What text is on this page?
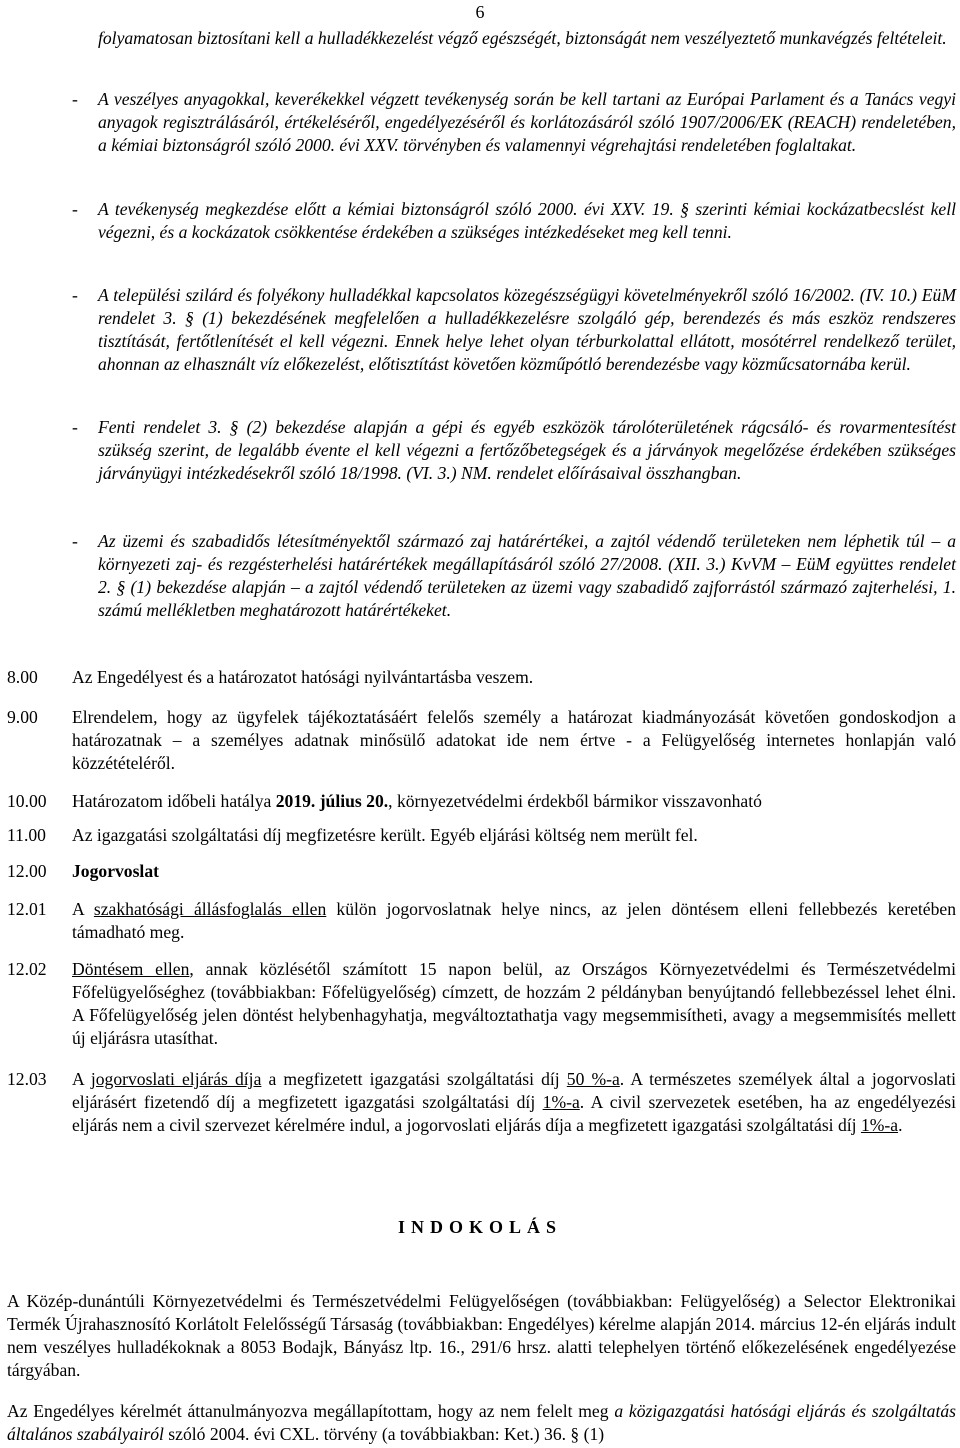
6

folyamatosan biztosítani kell a hulladékkezelést végző egészségét, biztonságát nem veszélyeztető munkavégzés feltételeit.

- A veszélyes anyagokkal, keverékekkel végzett tevékenység során be kell tartani az Európai Parlament és a Tanács vegyi anyagok regisztrálásáról, értékeléséről, engedélyezéséről és korlátozásáról szóló 1907/2006/EK (REACH) rendeletében, a kémiai biztonságról szóló 2000. évi XXV. törvényben és valamennyi végrehajtási rendeletében foglaltakat.

- A tevékenység megkezdése előtt a kémiai biztonságról szóló 2000. évi XXV. 19. § szerinti kémiai kockázatbecslést kell végezni, és a kockázatok csökkentése érdekében a szükséges intézkedéseket meg kell tenni.

- A települési szilárd és folyékony hulladékkal kapcsolatos közegészségügyi követelményekről szóló 16/2002. (IV. 10.) EüM rendelet 3. § (1) bekezdésének megfelelően a hulladékkezelésre szolgáló gép, berendezés és más eszköz rendszeres tisztítását, fertőtlenítését el kell végezni. Ennek helye lehet olyan térburkolattal ellátott, mosótérrel rendelkező terület, ahonnan az elhasznált víz előkezelést, előtisztítást követően közműpótló berendezésbe vagy közműcsatornába kerül.

- Fenti rendelet 3. § (2) bekezdése alapján a gépi és egyéb eszközök tárolóterületének rágcsáló- és rovarmentesítést szükség szerint, de legalább évente el kell végezni a fertőzőbetegségek és a járványok megelőzése érdekében szükséges járványügyi intézkedésekről szóló 18/1998. (VI. 3.) NM. rendelet előírásaival összhangban.

- Az üzemi és szabadidős létesítményektől származó zaj határértékei, a zajtól védendő területeken nem léphetik túl – a környezeti zaj- és rezgésterhelési határértékek megállapításáról szóló 27/2008. (XII. 3.) KvVM – EüM együttes rendelet 2. § (1) bekezdése alapján – a zajtól védendő területeken az üzemi vagy szabadidő zajforrástól származó zajterhelési, 1. számú mellékletben meghatározott határértékeket.

8.00 Az Engedélyest és a határozatot hatósági nyilvántartásba veszem.

9.00 Elrendelem, hogy az ügyfelek tájékoztatásáért felelős személy a határozat kiadmányozását követően gondoskodjon a határozatnak – a személyes adatnak minősülő adatokat ide nem értve - a Felügyelőség internetes honlapján való közzétételéről.

10.00 Határozatom időbeli hatálya 2019. július 20., környezetvédelmi érdekből bármikor visszavonható

11.00 Az igazgatási szolgáltatási díj megfizetésre került. Egyéb eljárási költség nem merült fel.

12.00 Jogorvoslat

12.01 A szakhatósági állásfoglalás ellen külön jogorvoslatnak helye nincs, az jelen döntésem elleni fellebbezés keretében támadható meg.

12.02 Döntésem ellen, annak közlésétől számított 15 napon belül, az Országos Környezetvédelmi és Természetvédelmi Főfelügyelőséghez (továbbiakban: Főfelügyelőség) címzett, de hozzám 2 példányban benyújtandó fellebbezéssel lehet élni. A Főfelügyelőség jelen döntést helybenhagyhatja, megváltoztathatja vagy megsemmisítheti, avagy a megsemmisítés mellett új eljárásra utasíthat.

12.03 A jogorvoslati eljárás díja a megfizetett igazgatási szolgáltatási díj 50 %-a. A természetes személyek által a jogorvoslati eljárásért fizetendő díj a megfizetett igazgatási szolgáltatási díj 1%-a. A civil szervezetek esetében, ha az engedélyezési eljárás nem a civil szervezet kérelmére indul, a jogorvoslati eljárás díja a megfizetett igazgatási szolgáltatási díj 1%-a.

INDOKOLÁS

A Közép-dunántúli Környezetvédelmi és Természetvédelmi Felügyelőségen (továbbiakban: Felügyelőség) a Selector Elektronikai Termék Újrahasznosító Korlátolt Felelősségű Társaság (továbbiakban: Engedélyes) kérelme alapján 2014. március 12-én eljárás indult nem veszélyes hulladékoknak a 8053 Bodajk, Bányász ltp. 16., 291/6 hrsz. alatti telephelyen történő előkezelésének engedélyezése tárgyában.

Az Engedélyes kérelmét áttanulmányozva megállapítottam, hogy az nem felelt meg a közigazgatási hatósági eljárás és szolgáltatás általános szabályairól szóló 2004. évi CXL. törvény (a továbbiakban: Ket.) 36. § (1)
